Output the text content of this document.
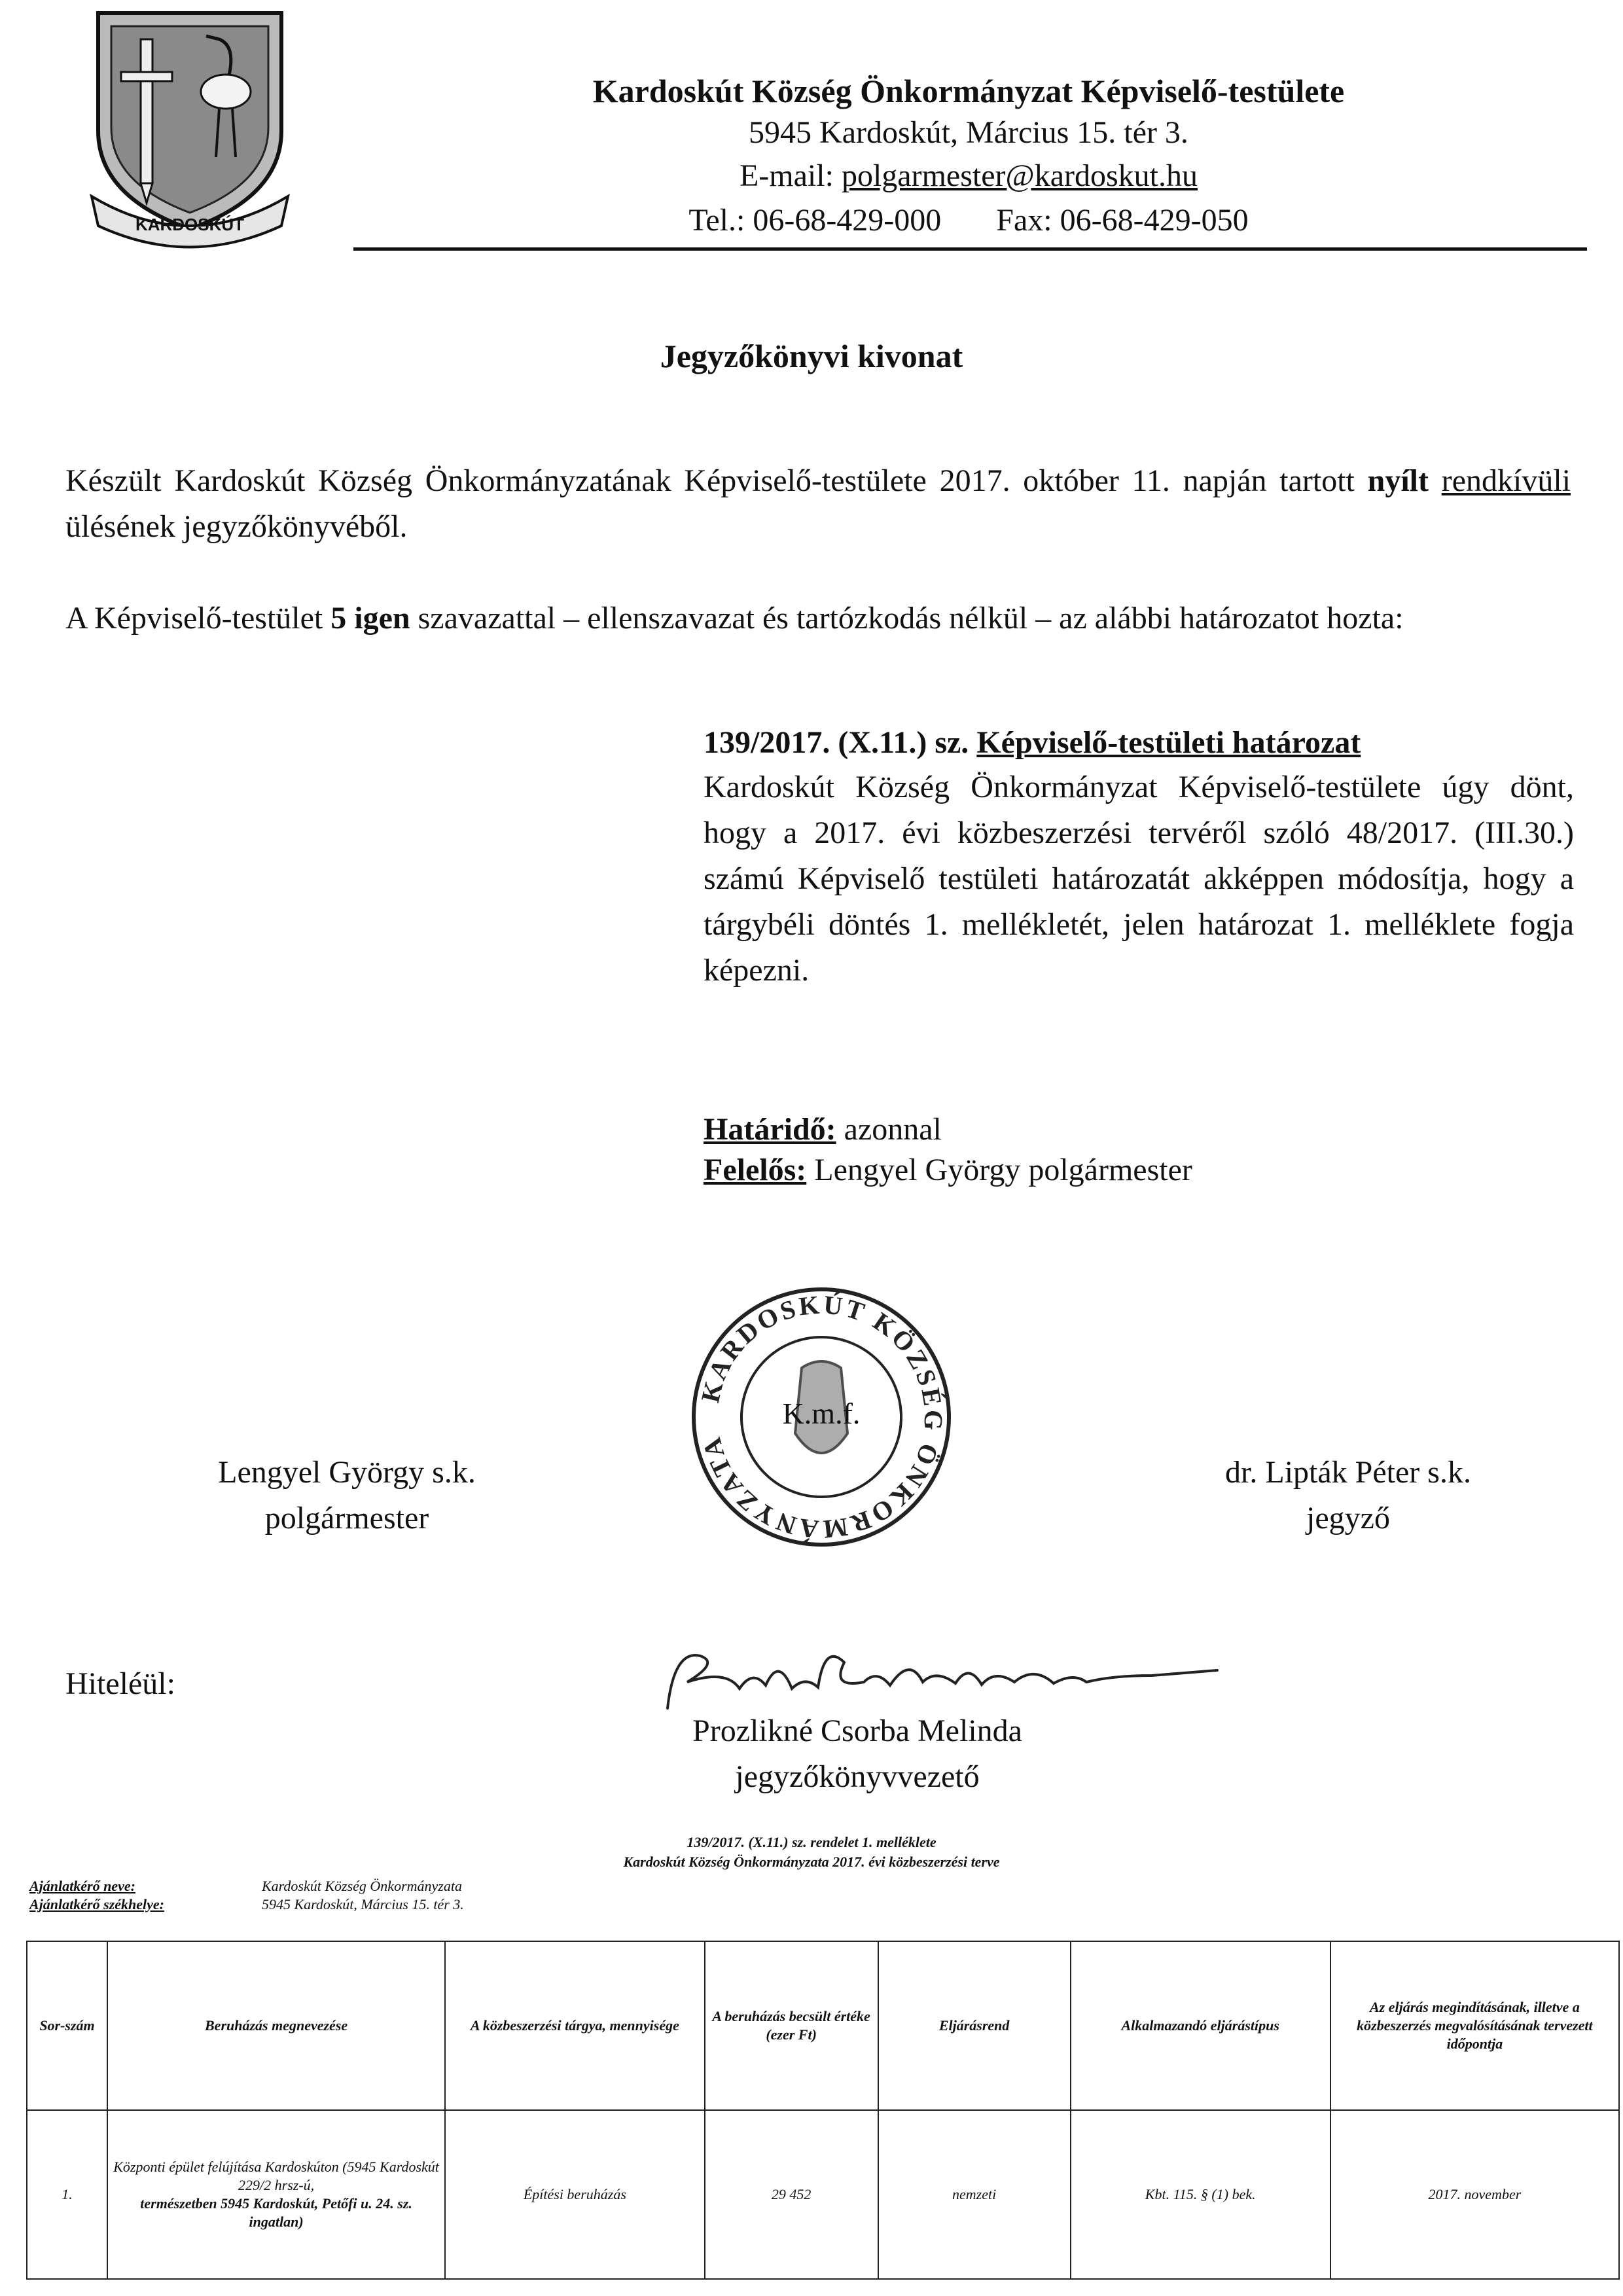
KARDOSKÚT
Kardoskút Község Önkormányzat Képviselő-testülete
5945 Kardoskút, Március 15. tér 3.
E-mail: polgarmester@kardoskut.hu
Tel.: 06-68-429-000 Fax: 06-68-429-050
Jegyzőkönyvi kivonat
Készült Kardoskút Község Önkormányzatának Képviselő-testülete 2017. október 11. napján tartott nyílt rendkívüli ülésének jegyzőkönyvéből.
A Képviselő-testület 5 igen szavazattal – ellenszavazat és tartózkodás nélkül – az alábbi határozatot hozta:
139/2017. (X.11.) sz. Képviselő-testületi határozat
Kardoskút Község Önkormányzat Képviselő-testülete úgy dönt, hogy a 2017. évi közbeszerzési tervéről szóló 48/2017. (III.30.) számú Képviselő testületi határozatát akképpen módosítja, hogy a tárgybéli döntés 1. mellékletét, jelen határozat 1. melléklete fogja képezni.
Határidő: azonnal
Felelős: Lengyel György polgármester
KARDOSKÚT KÖZSÉG ÖNKORMÁNYZATA
K.m.f.
Lengyel György s.k.
polgármester
dr. Lipták Péter s.k.
jegyző
Hiteléül:
Prozlikné Csorba Melinda
jegyzőkönyvvezető
139/2017. (X.11.) sz. rendelet 1. melléklete
Kardoskút Község Önkormányzata 2017. évi közbeszerzési terve
Ajánlatkérő neve:	Kardoskút Község Önkormányzata
Ajánlatkérő székhelye:	5945 Kardoskút, Március 15. tér 3.
Sor-szám	Beruházás megnevezése	A közbeszerzési tárgya, mennyisége	A beruházás becsült értéke (ezer Ft)	Eljárásrend	Alkalmazandó eljárástípus	Az eljárás megindításának, illetve a közbeszerzés megvalósításának tervezett időpontja
1.	Központi épület felújítása Kardoskúton (5945 Kardoskút 229/2 hrsz-ú,
természetben 5945 Kardoskút, Petőfi u. 24. sz. ingatlan)	Építési beruházás	29 452	nemzeti	Kbt. 115. § (1) bek.	2017. november
